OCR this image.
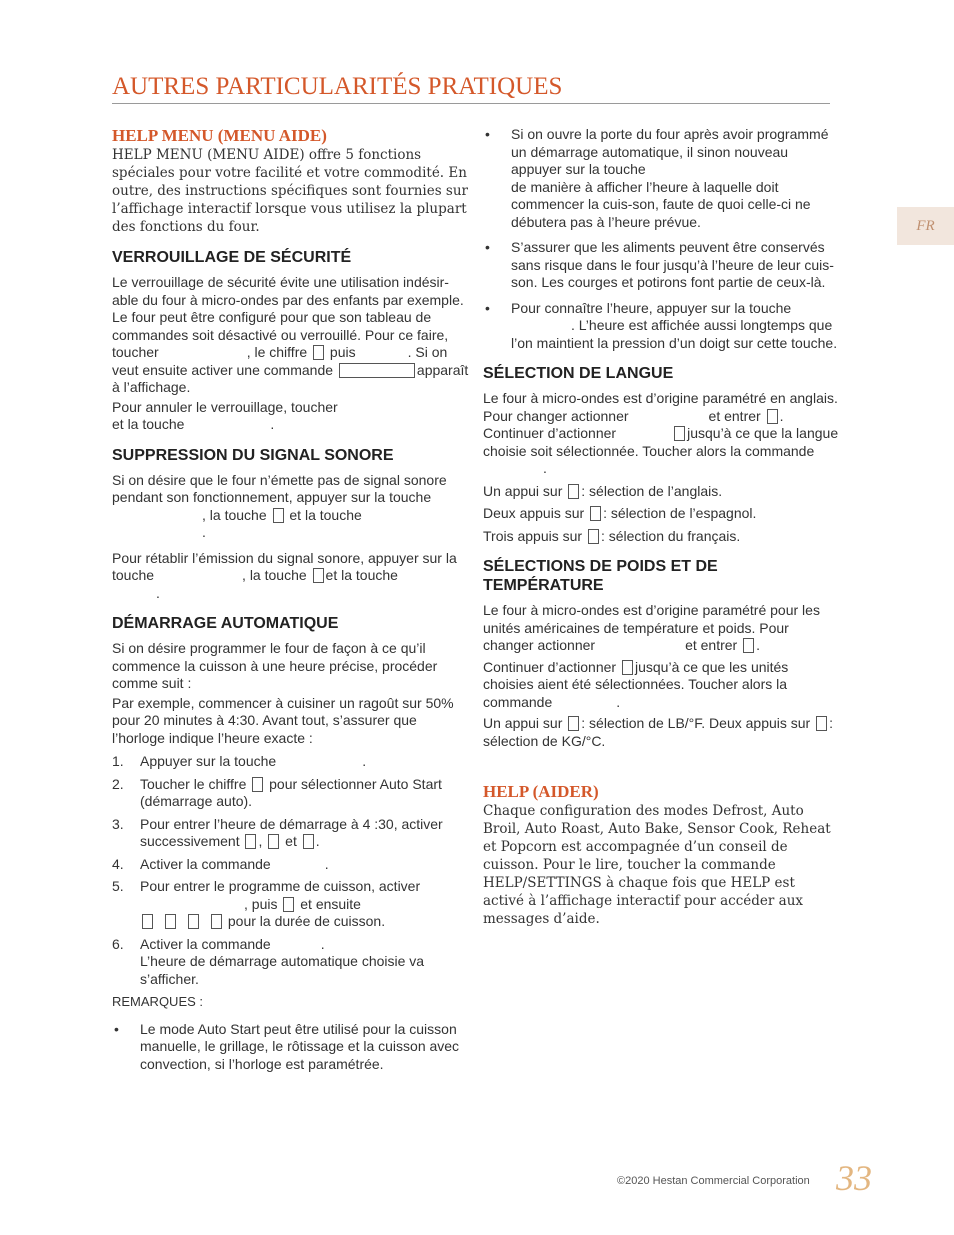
AUTRES PARTICULARITÉS PRATIQUES
FR
HELP MENU (MENU AIDE)

HELP MENU (MENU AIDE) offre 5 fonctions spéciales pour votre facilité et votre commodité. En outre, des instructions spécifiques sont fournies sur l’affichage interactif lorsque vous utilisez la plupart des fonctions du four.

VERROUILLAGE DE SÉCURITÉ

Le verrouillage de sécurité évite une utilisation indésir-able du four à micro-ondes par des enfants par exemple. Le four peut être configuré pour que son tableau de commandes soit désactivé ou verrouillé. Pour ce faire, toucher	, le chiffre puis	. Si on veut ensuite activer une commande	apparaît à l’affichage.

Pour annuler le verrouillage, toucher
et la touche	.

SUPPRESSION DU SIGNAL SONORE

Si on désire que le four n’émette pas de signal sonore pendant son fonctionnement, appuyer sur la touche, la touche et la touche
.

Pour rétablir l’émission du signal sonore, appuyer sur la touche	, la touche et la touche
.

DÉMARRAGE AUTOMATIQUE

Si on désire programmer le four de façon à ce qu’il commence la cuisson à une heure précise, procéder comme suit :

Par exemple, commencer à cuisiner un ragoût sur 50% pour 20 minutes à 4:30. Avant tout, s’assurer que l’horloge indique l’heure exacte :

1. Appuyer sur la touche	.
2. Toucher le chiffre pour sélectionner Auto Start (démarrage auto).
3. Pour entrer l’heure de démarrage à 4 :30, activer successivement , et .
4. Activer la commande	.
5. Pour entrer le programme de cuisson, activer, puis et ensuite
pour la durée de cuisson.
6. Activer la commande	.
L’heure de démarrage automatique choisie va s’afficher.

REMARQUES :

• Le mode Auto Start peut être utilisé pour la cuisson manuelle, le grillage, le rôtissage et la cuisson avec convection, si l’horloge est paramétrée.
• Si on ouvre la porte du four après avoir programmé un démarrage automatique, il sinon nouveau appuyer sur la touche
de manière à afficher l’heure à laquelle doit commencer la cuis-son, faute de quoi celle-ci ne débutera pas à l’heure prévue.
• S’assurer que les aliments peuvent être conservés sans risque dans le four jusqu’à l’heure de leur cuis-son. Les courges et potirons font partie de ceux-là.
• Pour connaître l’heure, appuyer sur la touche. L’heure est affichée aussi longtemps que l’on maintient la pression d’un doigt sur cette touche.
SÉLECTION DE LANGUE

Le four à micro-ondes est d’origine paramétré en anglais. Pour changer actionner	et entrer . Continuer d’actionner	jusqu’à ce que la langue choisie soit sélectionnée. Toucher alors la commande.

Un appui sur : sélection de l’anglais.

Deux appuis sur : sélection de l’espagnol.

Trois appuis sur : sélection du français.

SÉLECTIONS DE POIDS ET DE TEMPÉRATURE

Le four à micro-ondes est d’origine paramétré pour les unités américaines de température et poids. Pour changer actionner	et entrer .

Continuer d’actionner jusqu’à ce que les unités choisies aient été sélectionnées. Toucher alors la commande	.

Un appui sur : sélection de LB/°F. Deux appuis sur : sélection de KG/°C.

HELP (AIDER)

Chaque configuration des modes Defrost, Auto Broil, Auto Roast, Auto Bake, Sensor Cook, Reheat et Popcorn est accompagnée d’un conseil de cuisson. Pour le lire, toucher la commande HELP/SETTINGS à chaque fois que HELP est activé à l’affichage interactif pour accéder aux messages d’aide.

©2020 Hestan Commercial Corporation 33
